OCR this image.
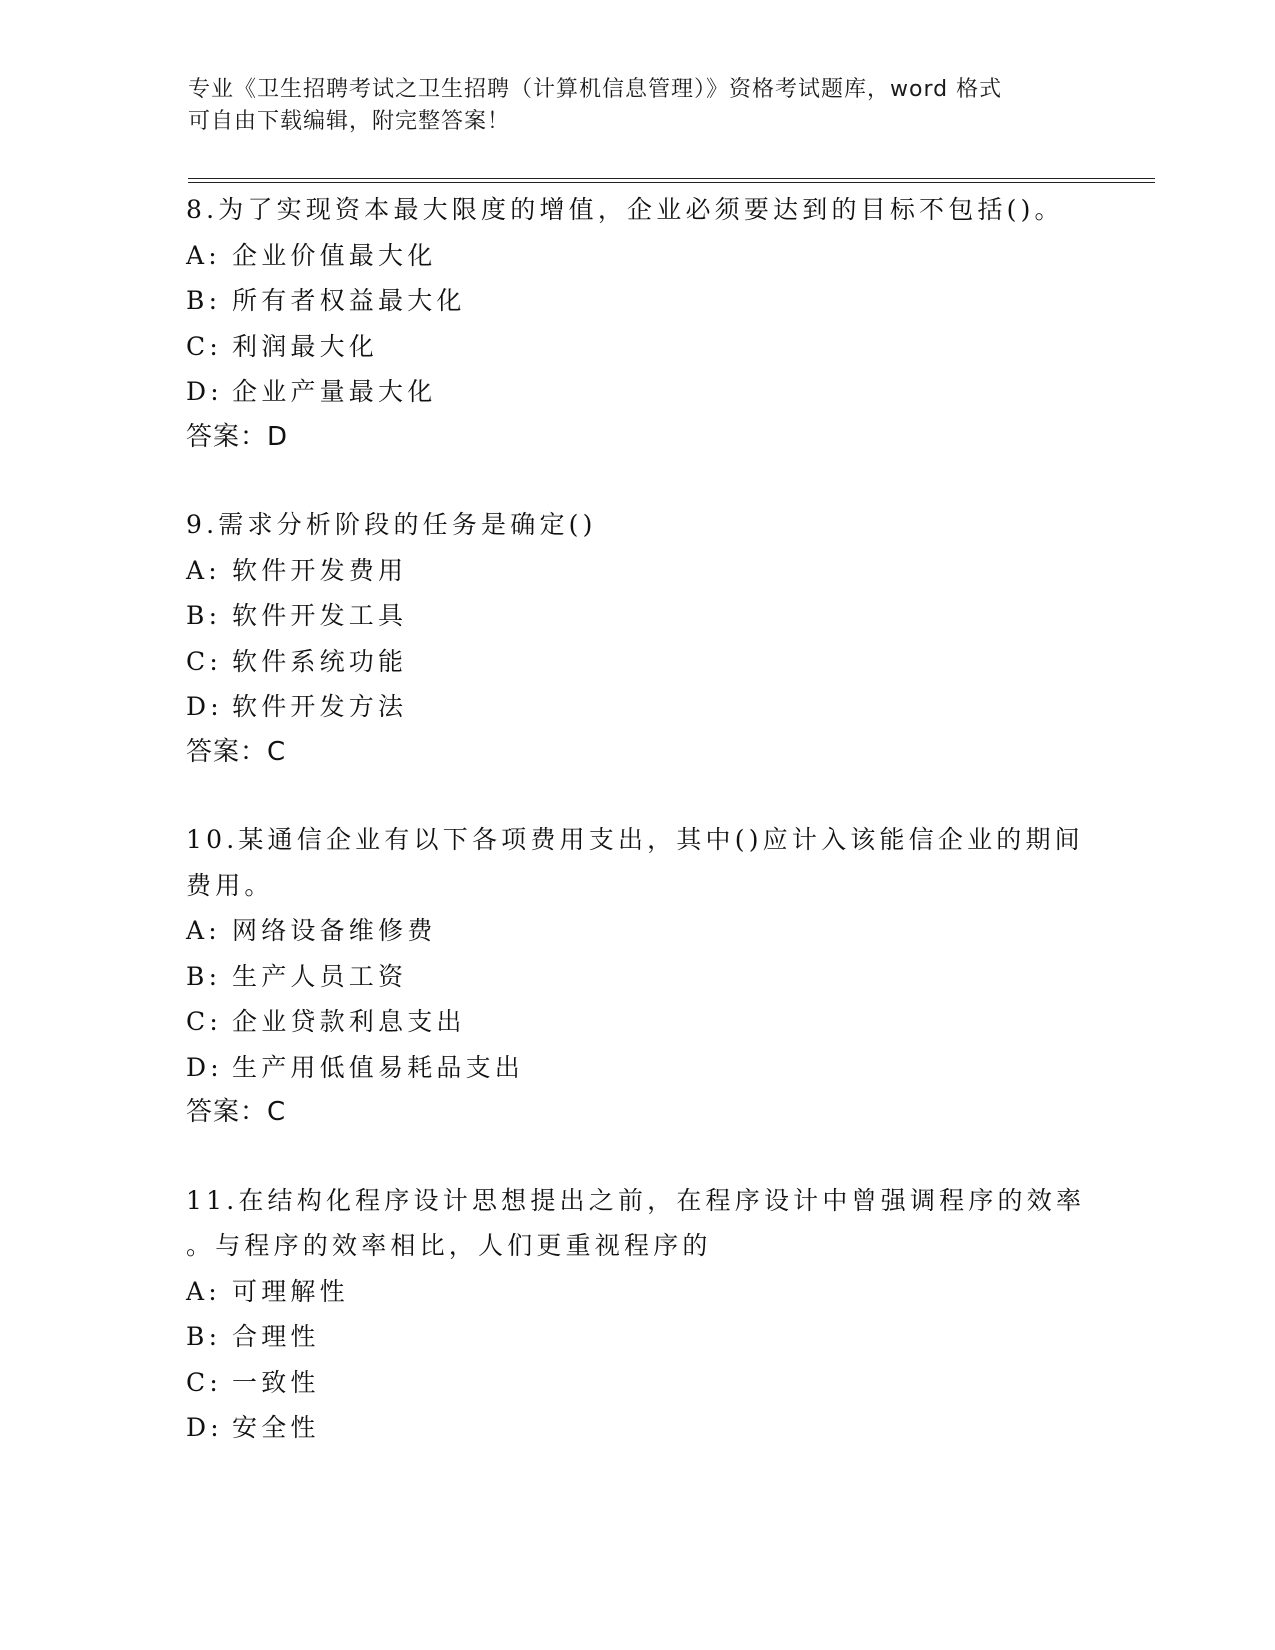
专业《卫生招聘考试之卫生招聘（计算机信息管理）》资格考试题库，word 格式
可自由下载编辑，附完整答案！
8.为了实现资本最大限度的增值，企业必须要达到的目标不包括()。
A: 企业价值最大化
B: 所有者权益最大化
C: 利润最大化
D: 企业产量最大化
答案：D
9.需求分析阶段的任务是确定()
A: 软件开发费用
B: 软件开发工具
C: 软件系统功能
D: 软件开发方法
答案：C
10.某通信企业有以下各项费用支出，其中()应计入该能信企业的期间
费用。
A: 网络设备维修费
B: 生产人员工资
C: 企业贷款利息支出
D: 生产用低值易耗品支出
答案：C
11.在结构化程序设计思想提出之前，在程序设计中曾强调程序的效率
。与程序的效率相比，人们更重视程序的
A: 可理解性
B: 合理性
C: 一致性
D: 安全性
